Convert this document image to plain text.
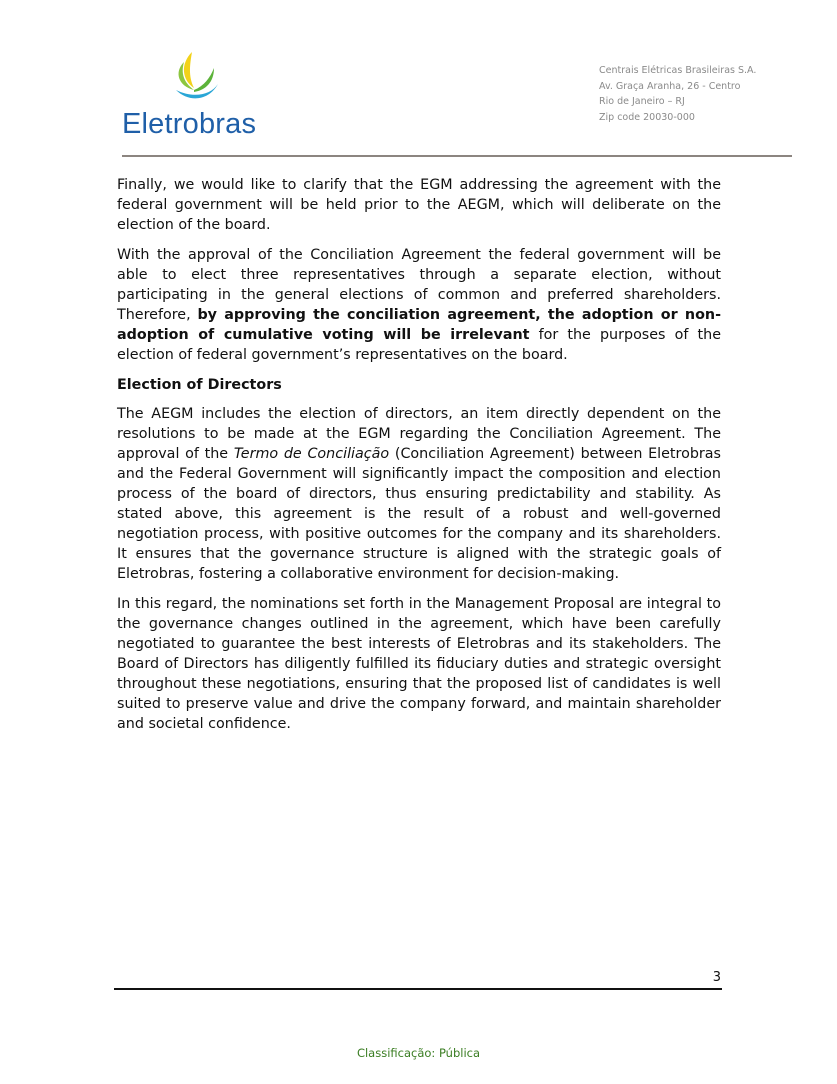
Eletrobras
Centrais Elétricas Brasileiras S.A.
Av. Graça Aranha, 26 - Centro
Rio de Janeiro – RJ
Zip code 20030-000

Finally, we would like to clarify that the EGM addressing the agreement with the federal government will be held prior to the AEGM, which will deliberate on the election of the board.

With the approval of the Conciliation Agreement the federal government will be able to elect three representatives through a separate election, without participating in the general elections of common and preferred shareholders. Therefore, by approving the conciliation agreement, the adoption or non-adoption of cumulative voting will be irrelevant for the purposes of the election of federal government’s representatives on the board.

Election of Directors

The AEGM includes the election of directors, an item directly dependent on the resolutions to be made at the EGM regarding the Conciliation Agreement. The approval of the Termo de Conciliação (Conciliation Agreement) between Eletrobras and the Federal Government will significantly impact the composition and election process of the board of directors, thus ensuring predictability and stability. As stated above, this agreement is the result of a robust and well-governed negotiation process, with positive outcomes for the company and its shareholders. It ensures that the governance structure is aligned with the strategic goals of Eletrobras, fostering a collaborative environment for decision-making.

In this regard, the nominations set forth in the Management Proposal are integral to the governance changes outlined in the agreement, which have been carefully negotiated to guarantee the best interests of Eletrobras and its stakeholders. The Board of Directors has diligently fulfilled its fiduciary duties and strategic oversight throughout these negotiations, ensuring that the proposed list of candidates is well suited to preserve value and drive the company forward, and maintain shareholder and societal confidence.

3
Classificação: Pública
